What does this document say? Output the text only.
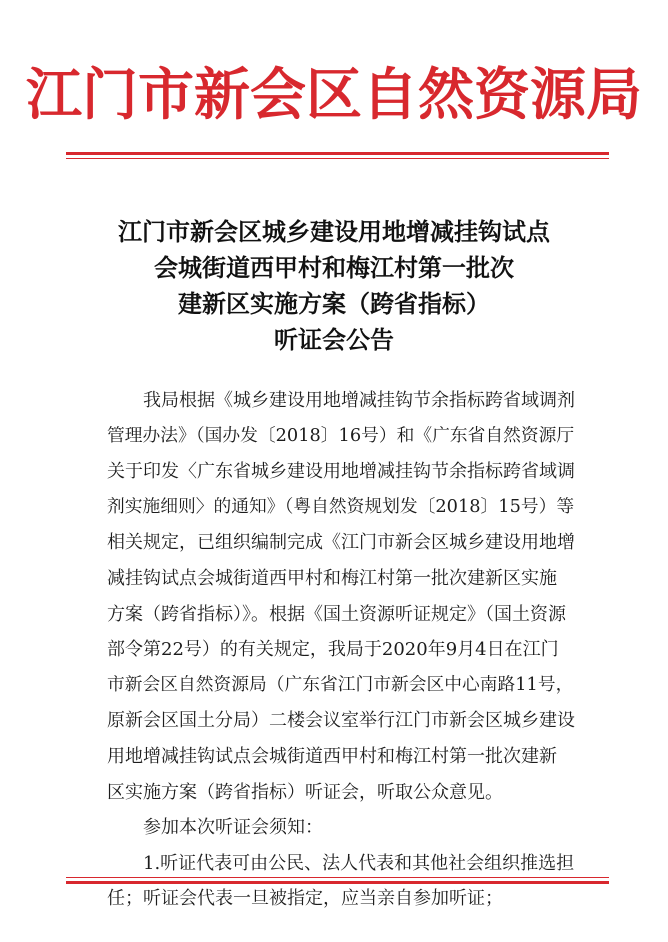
江门市新会区自然资源局
江门市新会区城乡建设用地增减挂钩试点
会城街道西甲村和梅江村第一批次
建新区实施方案（跨省指标）
听证会公告
我局根据《城乡建设用地增减挂钩节余指标跨省域调剂
管理办法》（国办发〔2018〕16号）和《广东省自然资源厅
关于印发〈广东省城乡建设用地增减挂钩节余指标跨省域调
剂实施细则〉的通知》（粤自然资规划发〔2018〕15号）等
相关规定，已组织编制完成《江门市新会区城乡建设用地增
减挂钩试点会城街道西甲村和梅江村第一批次建新区实施
方案（跨省指标）》。根据《国土资源听证规定》（国土资源
部令第22号）的有关规定，我局于2020年9月4日在江门
市新会区自然资源局（广东省江门市新会区中心南路11号，
原新会区国土分局）二楼会议室举行江门市新会区城乡建设
用地增减挂钩试点会城街道西甲村和梅江村第一批次建新
区实施方案（跨省指标）听证会，听取公众意见。
参加本次听证会须知：
1.听证代表可由公民、法人代表和其他社会组织推选担
任；听证会代表一旦被指定，应当亲自参加听证；
